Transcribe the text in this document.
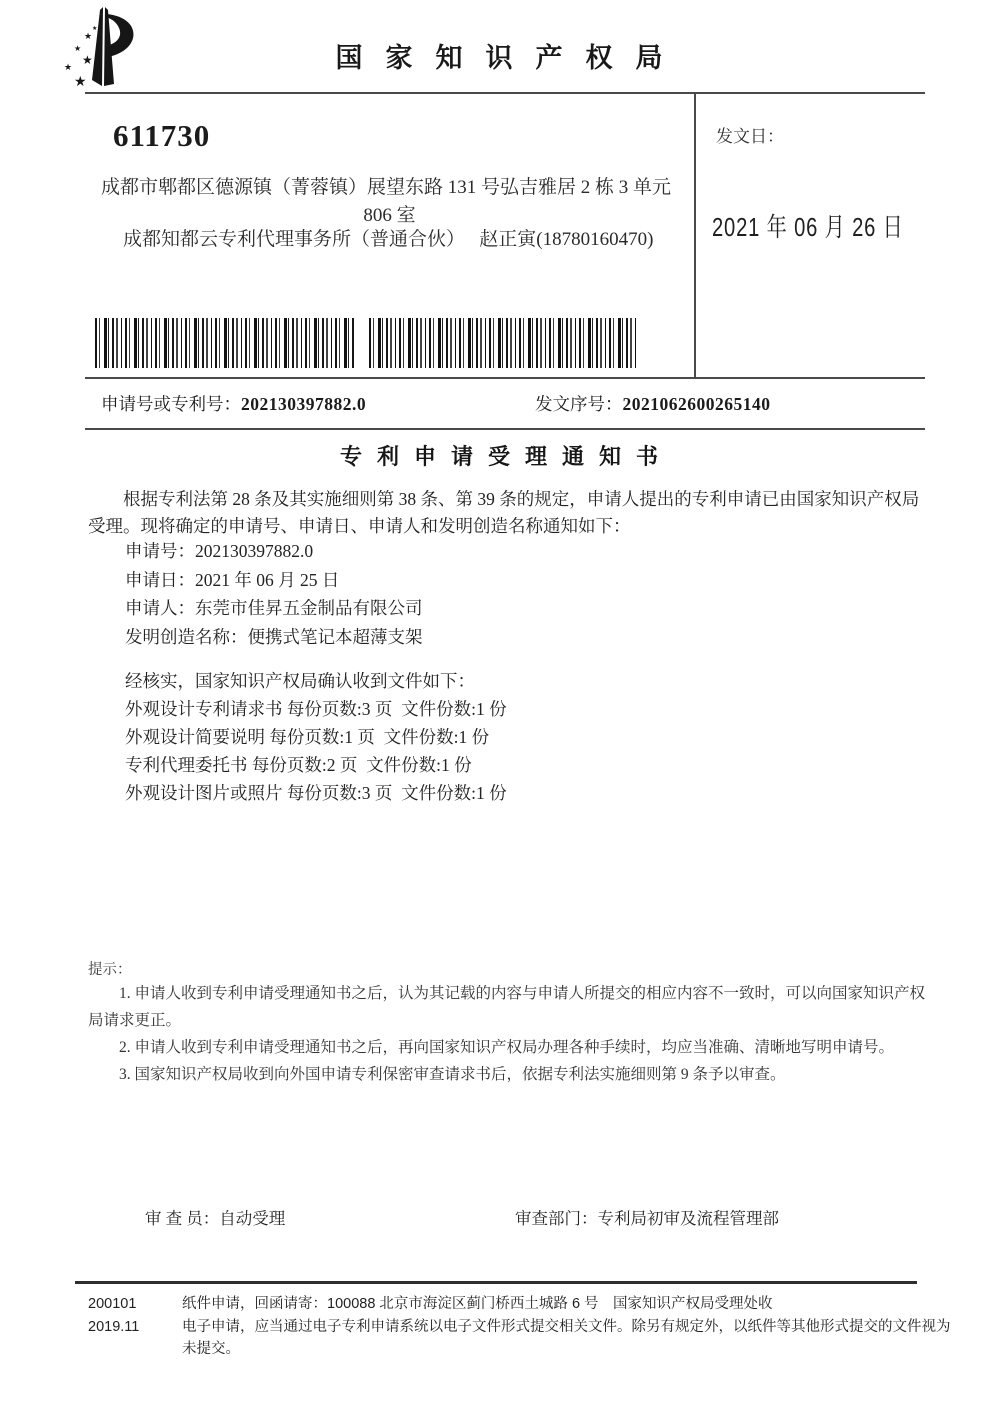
★
★
★
★
★
★
国家知识产权局
611730
成都市郫都区德源镇（菁蓉镇）展望东路 131 号弘吉雅居 2 栋 3 单元
806 室
成都知都云专利代理事务所（普通合伙）　 赵正寅(18780160470)
发文日：
2021 年 06 月 26 日
申请号或专利号：202130397882.0	发文序号：2021062600265140
专利申请受理通知书
根据专利法第 28 条及其实施细则第 38 条、第 39 条的规定，申请人提出的专利申请已由国家知识产权局受理。现将确定的申请号、申请日、申请人和发明创造名称通知如下：
申请号：202130397882.0
申请日：2021 年 06 月 25 日
申请人：东莞市佳昇五金制品有限公司
发明创造名称：便携式笔记本超薄支架
经核实，国家知识产权局确认收到文件如下：
外观设计专利请求书 每份页数:3 页  文件份数:1 份
外观设计简要说明 每份页数:1 页  文件份数:1 份
专利代理委托书 每份页数:2 页  文件份数:1 份
外观设计图片或照片 每份页数:3 页  文件份数:1 份
提示：
1. 申请人收到专利申请受理通知书之后，认为其记载的内容与申请人所提交的相应内容不一致时，可以向国家知识产权局请求更正。
2. 申请人收到专利申请受理通知书之后，再向国家知识产权局办理各种手续时，均应当准确、清晰地写明申请号。
3. 国家知识产权局收到向外国申请专利保密审查请求书后，依据专利法实施细则第 9 条予以审查。
审 查 员：自动受理	审查部门：专利局初审及流程管理部
200101
2019.11

纸件申请，回函请寄：100088 北京市海淀区蓟门桥西土城路 6 号　国家知识产权局受理处收

电子申请，应当通过电子专利申请系统以电子文件形式提交相关文件。除另有规定外，以纸件等其他形式提交的文件视为未提交。
